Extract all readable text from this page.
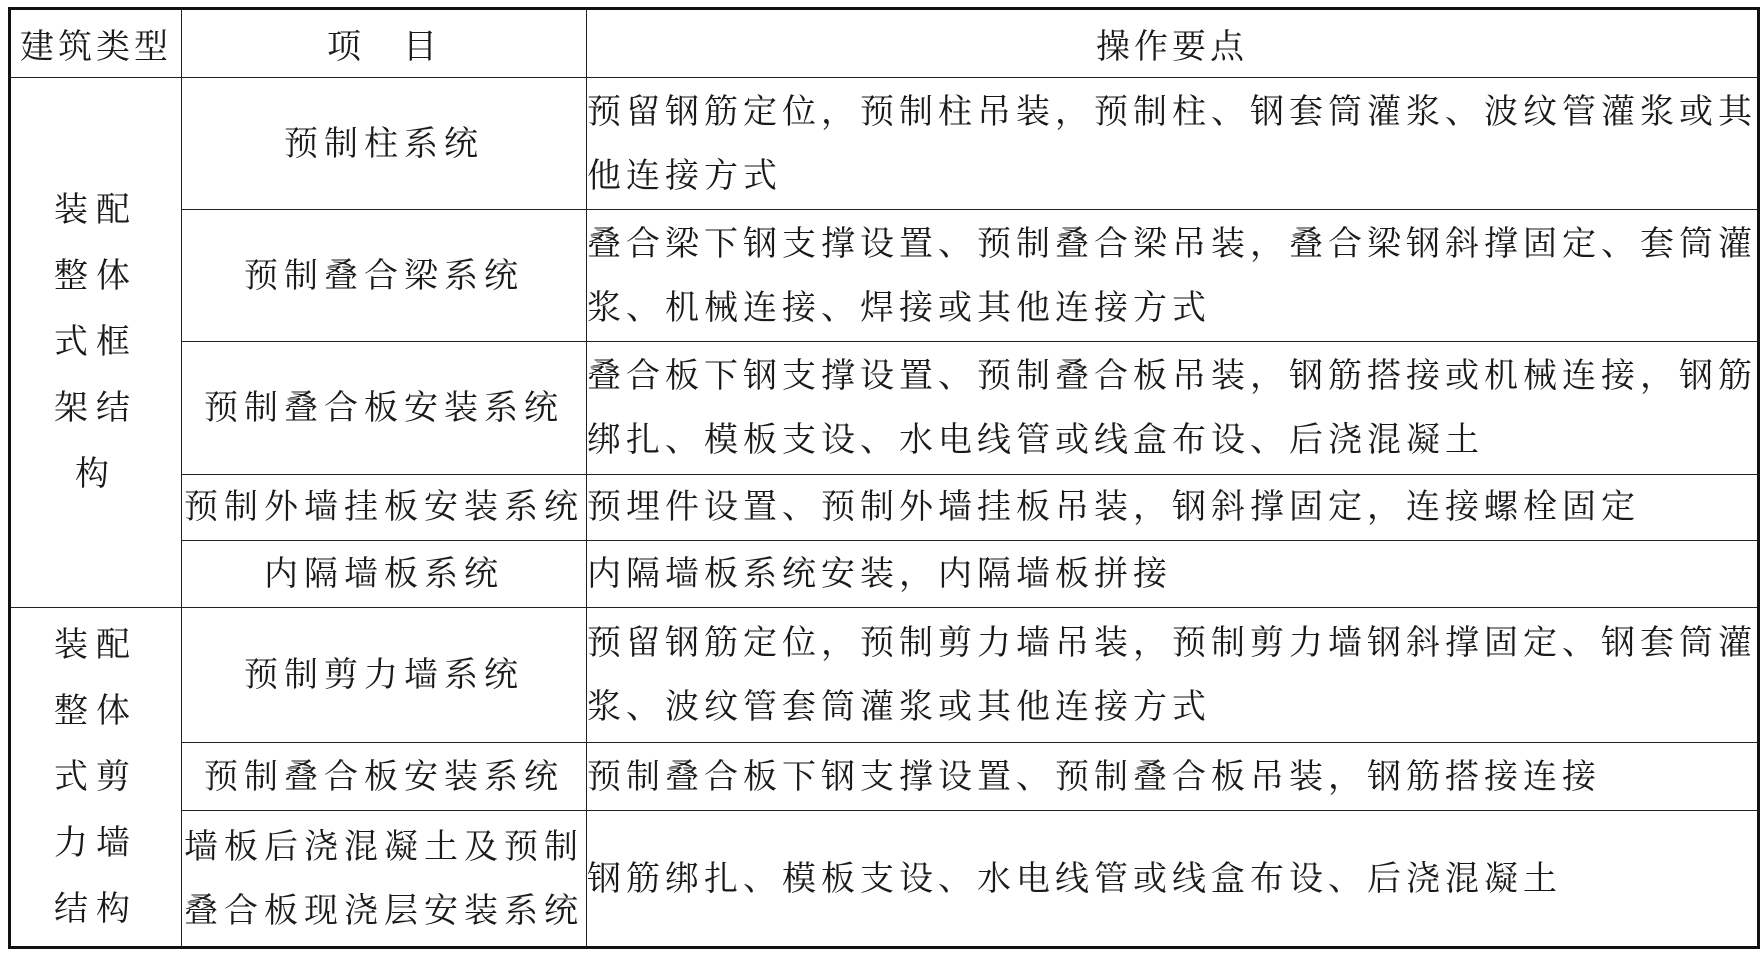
建筑类型	项　目	操作要点
装配整体式框架结构	预制柱系统	预留钢筋定位，预制柱吊装，预制柱、钢套筒灌浆、波纹管灌浆或其他连接方式
	预制叠合梁系统	叠合梁下钢支撑设置、预制叠合梁吊装，叠合梁钢斜撑固定、套筒灌浆、机械连接、焊接或其他连接方式
	预制叠合板安装系统	叠合板下钢支撑设置、预制叠合板吊装，钢筋搭接或机械连接，钢筋绑扎、模板支设、水电线管或线盒布设、后浇混凝土
	预制外墙挂板安装系统	预埋件设置、预制外墙挂板吊装，钢斜撑固定，连接螺栓固定
	内隔墙板系统	内隔墙板系统安装，内隔墙板拼接
装配整体式剪力墙结构	预制剪力墙系统	预留钢筋定位，预制剪力墙吊装，预制剪力墙钢斜撑固定、钢套筒灌浆、波纹管套筒灌浆或其他连接方式
	预制叠合板安装系统	预制叠合板下钢支撑设置、预制叠合板吊装，钢筋搭接连接
	墙板后浇混凝土及预制叠合板现浇层安装系统	钢筋绑扎、模板支设、水电线管或线盒布设、后浇混凝土
